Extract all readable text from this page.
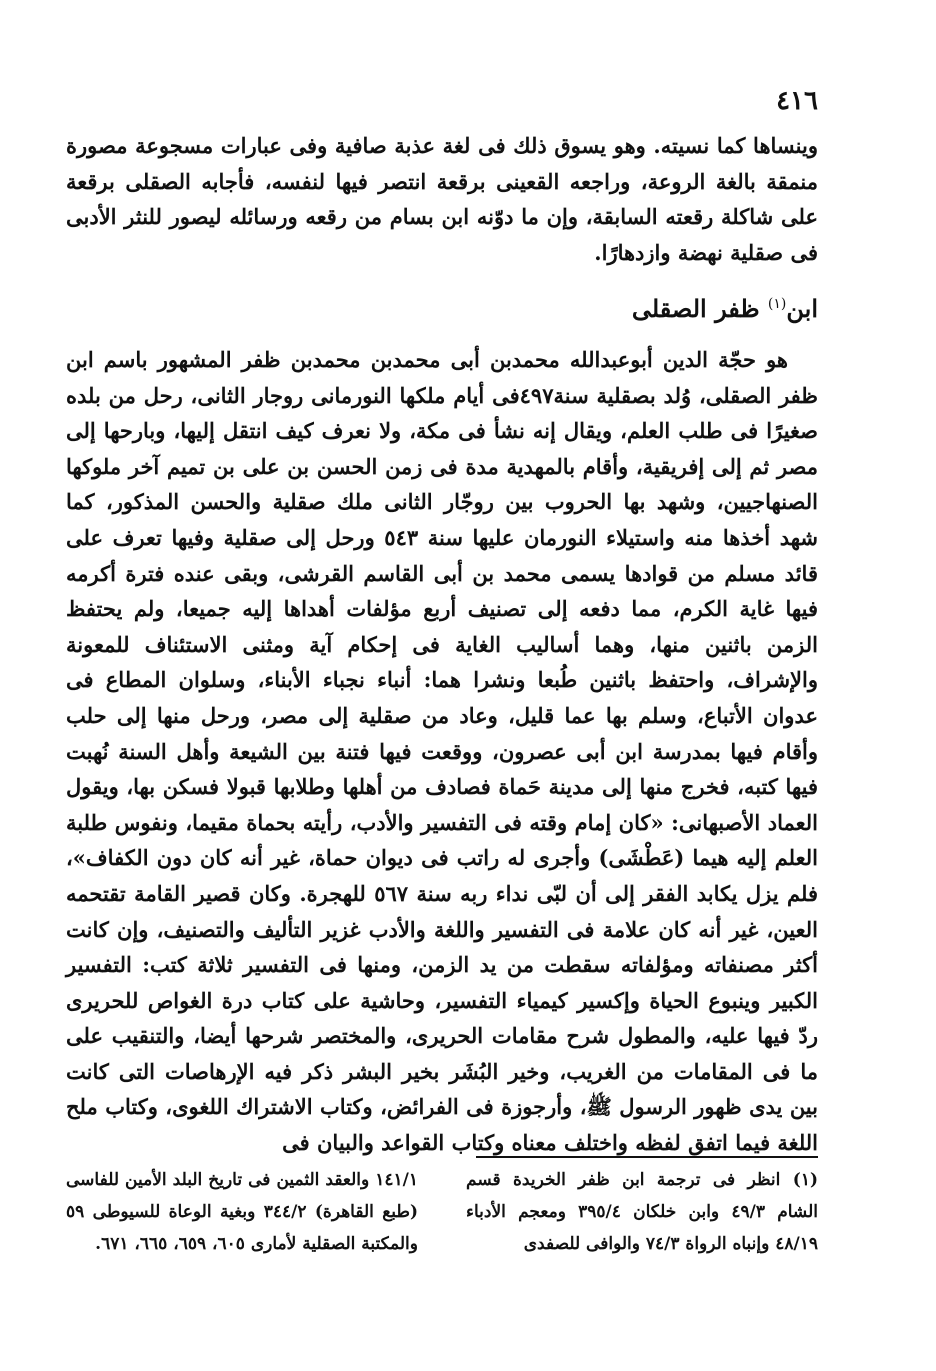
٤١٦

وينساها كما نسيته. وهو يسوق ذلك فى لغة عذبة صافية وفى عبارات مسجوعة مصورة منمقة بالغة الروعة، وراجعه القعينى برقعة انتصر فيها لنفسه، فأجابه الصقلى برقعة على شاكلة رقعته السابقة، وإن ما دوّنه ابن بسام من رقعه ورسائله ليصور للنثر الأدبى فى صقلية نهضة وازدهارًا.

ابن$^{(١)}$ ظفر الصقلى

هو حجّة الدين أبوعبدالله محمدبن أبى محمدبن محمدبن ظفر المشهور باسم ابن ظفر الصقلى، وُلد بصقلية سنة٤٩٧فى أيام ملكها النورمانى روجار الثانى، رحل من بلده صغيرًا فى طلب العلم، ويقال إنه نشأ فى مكة، ولا نعرف كيف انتقل إليها، وبارحها إلى مصر ثم إلى إفريقية، وأقام بالمهدية مدة فى زمن الحسن بن على بن تميم آخر ملوكها الصنهاجيين، وشهد بها الحروب بين روجّار الثانى ملك صقلية والحسن المذكور، كما شهد أخذها منه واستيلاء النورمان عليها سنة ٥٤٣ ورحل إلى صقلية وفيها تعرف على قائد مسلم من قوادها يسمى محمد بن أبى القاسم القرشى، وبقى عنده فترة أكرمه فيها غاية الكرم، مما دفعه إلى تصنيف أربع مؤلفات أهداها إليه جميعا، ولم يحتفظ الزمن باثنين منها، وهما أساليب الغاية فى إحكام آية ومثنى الاستئناف للمعونة والإشراف، واحتفظ باثنين طُبعا ونشرا هما: أنباء نجباء الأبناء، وسلوان المطاع فى عدوان الأتباع، وسلم بها عما قليل، وعاد من صقلية إلى مصر، ورحل منها إلى حلب وأقام فيها بمدرسة ابن أبى عصرون، ووقعت فيها فتنة بين الشيعة وأهل السنة نُهبت فيها كتبه، فخرج منها إلى مدينة حَماة فصادف من أهلها وطلابها قبولا فسكن بها، ويقول العماد الأصبهانى: «كان إمام وقته فى التفسير والأدب، رأيته بحماة مقيما، ونفوس طلبة العلم إليه هيما (عَطْشَى) وأجرى له راتب فى ديوان حماة، غير أنه كان دون الكفاف»، فلم يزل يكابد الفقر إلى أن لبّى نداء ربه سنة ٥٦٧ للهجرة. وكان قصير القامة تقتحمه العين، غير أنه كان علامة فى التفسير واللغة والأدب غزير التأليف والتصنيف، وإن كانت أكثر مصنفاته ومؤلفاته سقطت من يد الزمن، ومنها فى التفسير ثلاثة كتب: التفسير الكبير وينبوع الحياة وإكسير كيمياء التفسير، وحاشية على كتاب درة الغواص للحريرى ردّ فيها عليه، والمطول شرح مقامات الحريرى، والمختصر شرحها أيضا، والتنقيب على ما فى المقامات من الغريب، وخير البُشَر بخير البشر ذكر فيه الإرهاصات التى كانت بين يدى ظهور الرسول ﷺ، وأرجوزة فى الفرائض، وكتاب الاشتراك اللغوى، وكتاب ملح اللغة فيما اتفق لفظه واختلف معناه وكتاب القواعد والبيان فى

(١) انظر فى ترجمة ابن ظفر الخريدة قسم الشام ٤٩/٣ وابن خلكان ٣٩٥/٤ ومعجم الأدباء ٤٨/١٩ وإنباه الرواة ٧٤/٣ والوافى للصفدى
١٤١/١ والعقد الثمين فى تاريخ البلد الأمين للفاسى (طبع القاهرة) ٣٤٤/٢ وبغية الوعاة للسيوطى ٥٩ والمكتبة الصقلية لأمارى ٦٠٥، ٦٥٩، ٦٦٥، ٦٧١.
